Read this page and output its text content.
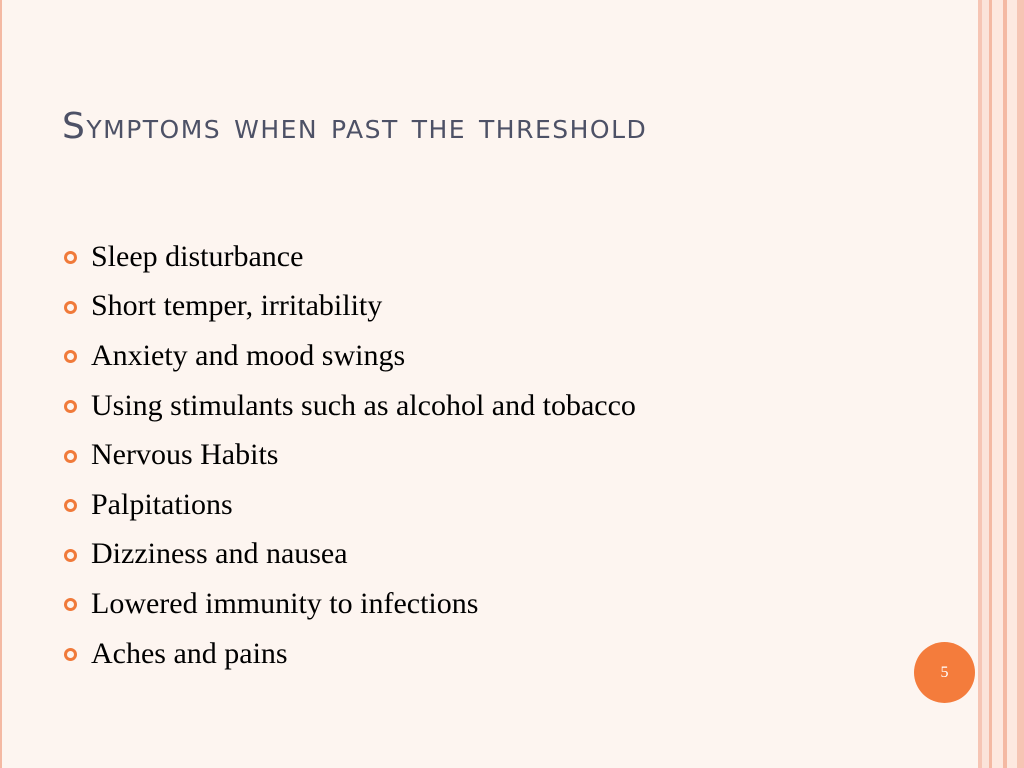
Symptoms when past the threshold
Sleep disturbance
Short temper, irritability
Anxiety and mood swings
Using stimulants such as alcohol and tobacco
Nervous Habits
Palpitations
Dizziness and nausea
Lowered immunity to infections
Aches and pains
5
